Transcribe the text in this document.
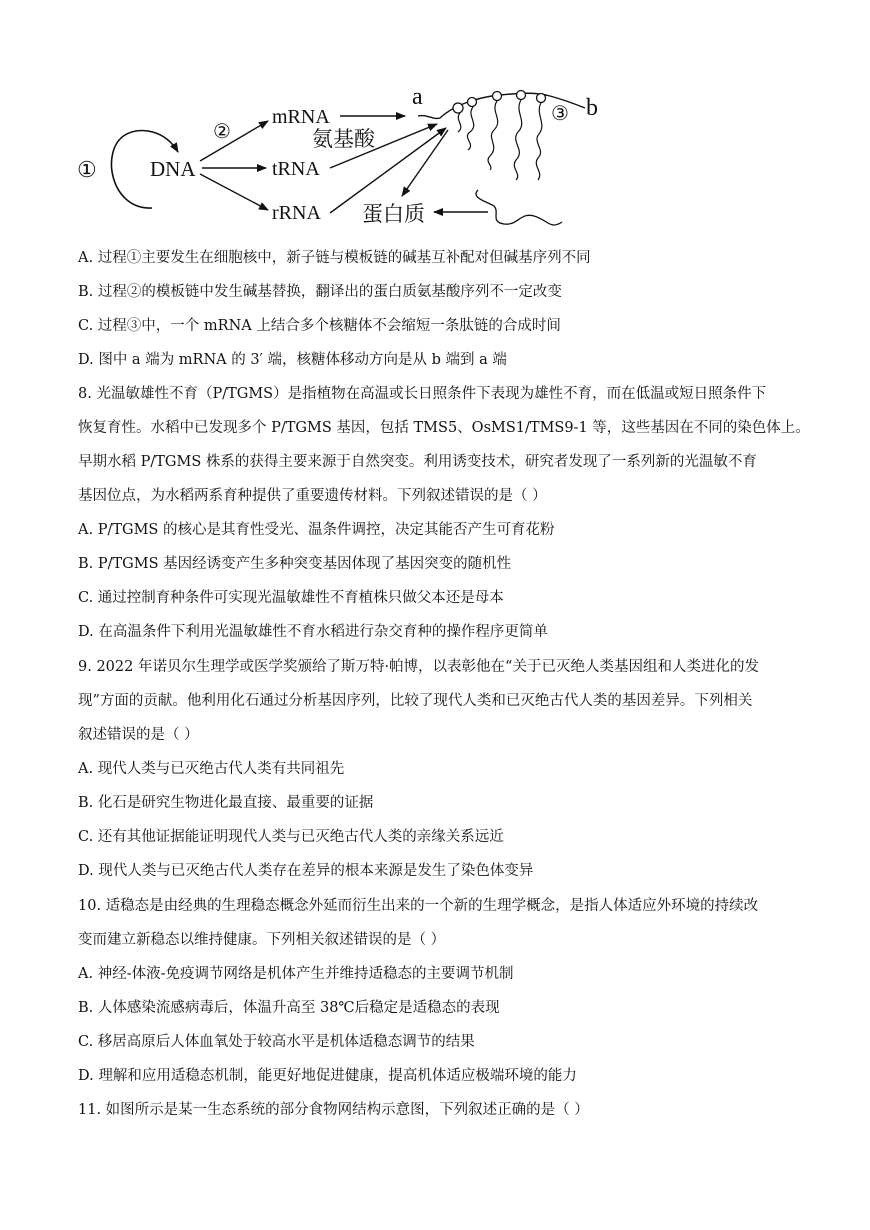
①	DNA
②
mRNA
tRNA
rRNA
氨基酸
a
③ b
蛋白质
A. 过程①主要发生在细胞核中，新子链与模板链的碱基互补配对但碱基序列不同
B. 过程②的模板链中发生碱基替换，翻译出的蛋白质氨基酸序列不一定改变
C. 过程③中，一个 mRNA 上结合多个核糖体不会缩短一条肽链的合成时间
D. 图中 a 端为 mRNA 的 3′ 端，核糖体移动方向是从 b 端到 a 端
8. 光温敏雄性不育（P/TGMS）是指植物在高温或长日照条件下表现为雄性不育，而在低温或短日照条件下
恢复育性。水稻中已发现多个 P/TGMS 基因，包括 TMS5、OsMS1/TMS9-1 等，这些基因在不同的染色体上。
早期水稻 P/TGMS 株系的获得主要来源于自然突变。利用诱变技术，研究者发现了一系列新的光温敏不育
基因位点，为水稻两系育种提供了重要遗传材料。下列叙述错误的是（ ）
A. P/TGMS 的核心是其育性受光、温条件调控，决定其能否产生可育花粉
B. P/TGMS 基因经诱变产生多种突变基因体现了基因突变的随机性
C. 通过控制育种条件可实现光温敏雄性不育植株只做父本还是母本
D. 在高温条件下利用光温敏雄性不育水稻进行杂交育种的操作程序更简单
9. 2022 年诺贝尔生理学或医学奖颁给了斯万特·帕博，以表彰他在“关于已灭绝人类基因组和人类进化的发
现”方面的贡献。他利用化石通过分析基因序列，比较了现代人类和已灭绝古代人类的基因差异。下列相关
叙述错误的是（ ）
A. 现代人类与已灭绝古代人类有共同祖先
B. 化石是研究生物进化最直接、最重要的证据
C. 还有其他证据能证明现代人类与已灭绝古代人类的亲缘关系远近
D. 现代人类与已灭绝古代人类存在差异的根本来源是发生了染色体变异
10. 适稳态是由经典的生理稳态概念外延而衍生出来的一个新的生理学概念，是指人体适应外环境的持续改
变而建立新稳态以维持健康。下列相关叙述错误的是（ ）
A. 神经-体液-免疫调节网络是机体产生并维持适稳态的主要调节机制
B. 人体感染流感病毒后，体温升高至 38℃后稳定是适稳态的表现
C. 移居高原后人体血氧处于较高水平是机体适稳态调节的结果
D. 理解和应用适稳态机制，能更好地促进健康，提高机体适应极端环境的能力
11. 如图所示是某一生态系统的部分食物网结构示意图，下列叙述正确的是（ ）
